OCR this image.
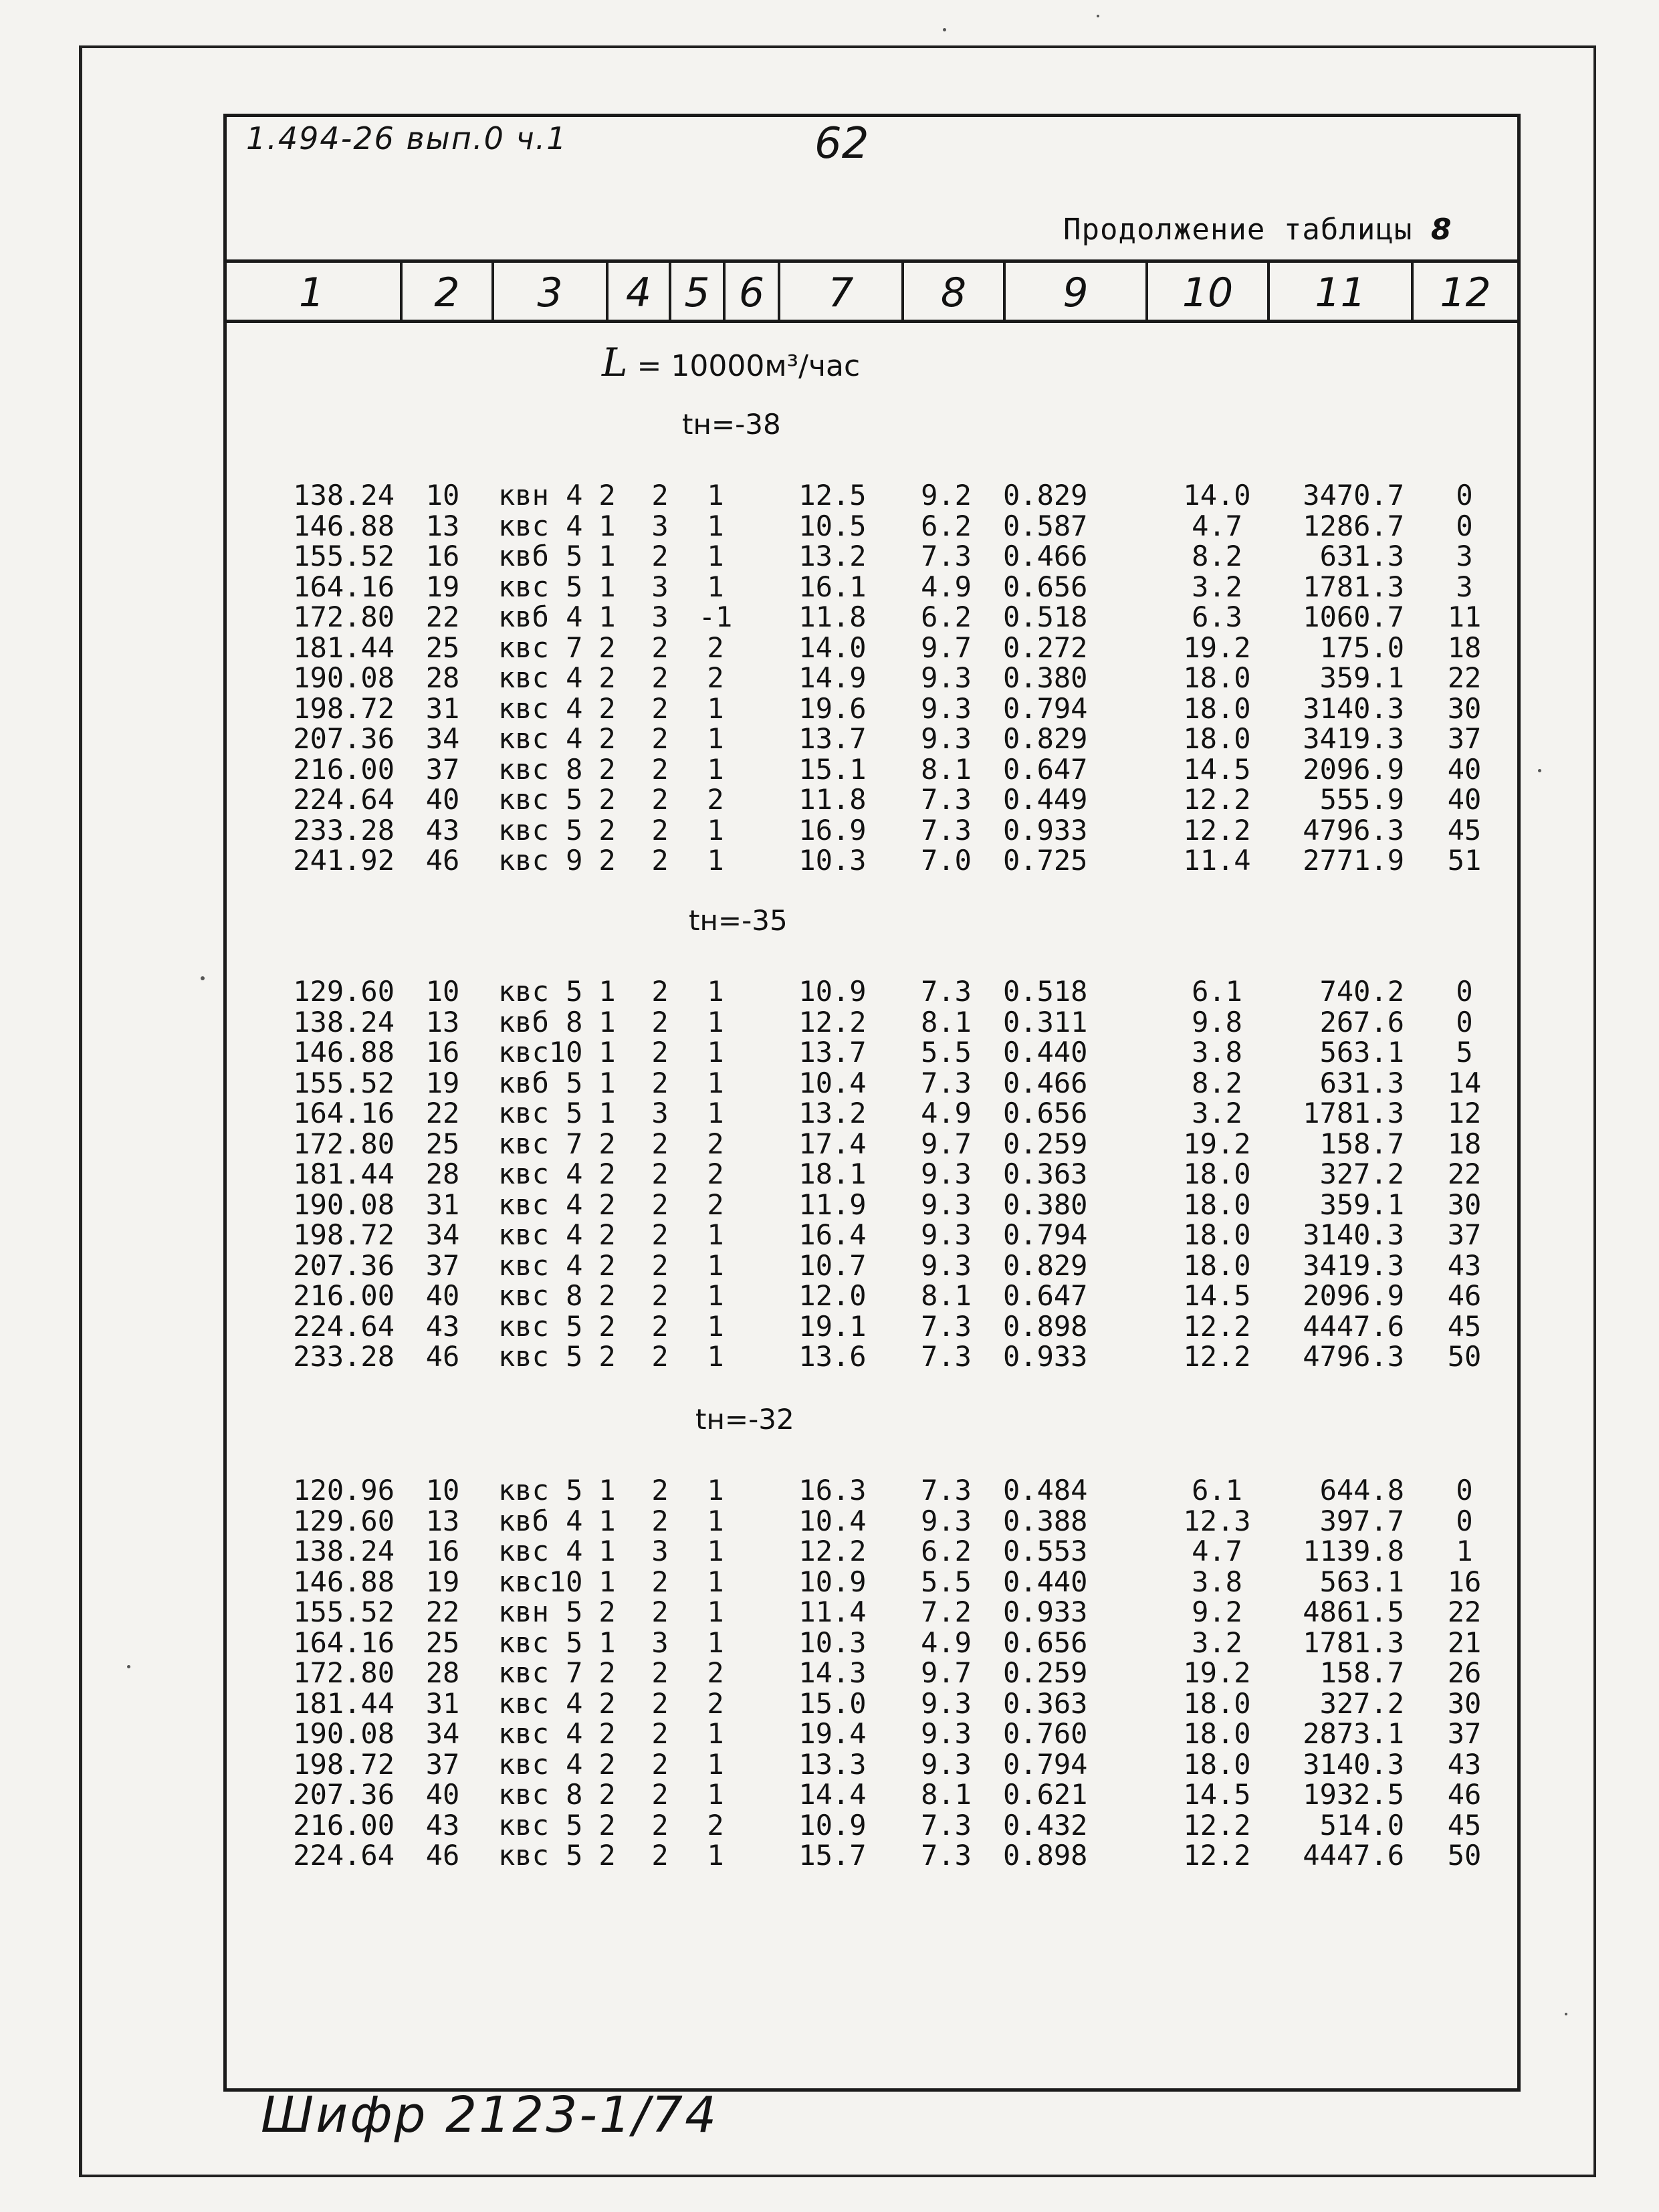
1.494-26 вып.0 ч.1	62
Продолжение таблицы 8
1	2	3	4 5 6	7	8	9	10	11	12
L = 10000м³/час
tн=-38
138.24	10	квн 4 2	2	1	12.5	9.2	0.829	14.0	3470.7	0
146.88	13	квс 4 1	3	1	10.5	6.2	0.587	4.7	1286.7	0
155.52	16	квб 5 1	2	1	13.2	7.3	0.466	8.2	631.3	3
164.16	19	квс 5 1	3	1	16.1	4.9	0.656	3.2	1781.3	3
172.80	22	квб 4 1	3	-1	11.8	6.2	0.518	6.3	1060.7 11
181.44	25	квс 7 2	2	2	14.0	9.7	0.272	19.2	175.0 18
190.08	28	квс 4 2	2	2	14.9	9.3	0.380	18.0	359.1 22
198.72	31	квс 4 2	2	1	19.6	9.3	0.794	18.0	3140.3 30
207.36	34	квс 4 2	2	1	13.7	9.3	0.829	18.0	3419.3 37
216.00	37	квс 8 2	2	1	15.1	8.1	0.647	14.5	2096.9 40
224.64	40	квс 5 2	2	2	11.8	7.3	0.449	12.2	555.9 40
233.28	43	квс 5 2	2	1	16.9	7.3	0.933	12.2	4796.3 45
241.92	46	квс 9 2	2	1	10.3	7.0	0.725	11.4	2771.9 51
tн=-35
129.60	10	квс 5 1	2	1	10.9	7.3	0.518	6.1	740.2	0
138.24	13	квб 8 1	2	1	12.2	8.1	0.311	9.8	267.6	0
146.88	16	квс10 1	2	1	13.7	5.5	0.440	3.8	563.1	5
155.52	19	квб 5 1	2	1	10.4	7.3	0.466	8.2	631.3 14
164.16	22	квс 5 1	3	1	13.2	4.9	0.656	3.2	1781.3 12
172.80	25	квс 7 2	2	2	17.4	9.7	0.259	19.2	158.7 18
181.44	28	квс 4 2	2	2	18.1	9.3	0.363	18.0	327.2 22
190.08	31	квс 4 2	2	2	11.9	9.3	0.380	18.0	359.1 30
198.72	34	квс 4 2	2	1	16.4	9.3	0.794	18.0	3140.3 37
207.36	37	квс 4 2	2	1	10.7	9.3	0.829	18.0	3419.3 43
216.00	40	квс 8 2	2	1	12.0	8.1	0.647	14.5	2096.9 46
224.64	43	квс 5 2	2	1	19.1	7.3	0.898	12.2	4447.6 45
233.28	46	квс 5 2	2	1	13.6	7.3	0.933	12.2	4796.3 50
tн=-32
120.96	10	квс 5 1	2	1	16.3	7.3	0.484	6.1	644.8	0
129.60	13	квб 4 1	2	1	10.4	9.3	0.388	12.3	397.7	0
138.24	16	квс 4 1	3	1	12.2	6.2	0.553	4.7	1139.8	1
146.88	19	квс10 1	2	1	10.9	5.5	0.440	3.8	563.1 16
155.52	22	квн 5 2	2	1	11.4	7.2	0.933	9.2	4861.5 22
164.16	25	квс 5 1	3	1	10.3	4.9	0.656	3.2	1781.3 21
172.80	28	квс 7 2	2	2	14.3	9.7	0.259	19.2	158.7 26
181.44	31	квс 4 2	2	2	15.0	9.3	0.363	18.0	327.2 30
190.08	34	квс 4 2	2	1	19.4	9.3	0.760	18.0	2873.1 37
198.72	37	квс 4 2	2	1	13.3	9.3	0.794	18.0	3140.3 43
207.36	40	квс 8 2	2	1	14.4	8.1	0.621	14.5	1932.5 46
216.00	43	квс 5 2	2	2	10.9	7.3	0.432	12.2	514.0 45
224.64	46	квс 5 2	2	1	15.7	7.3	0.898	12.2	4447.6 50
Шифр 2123-1/74
